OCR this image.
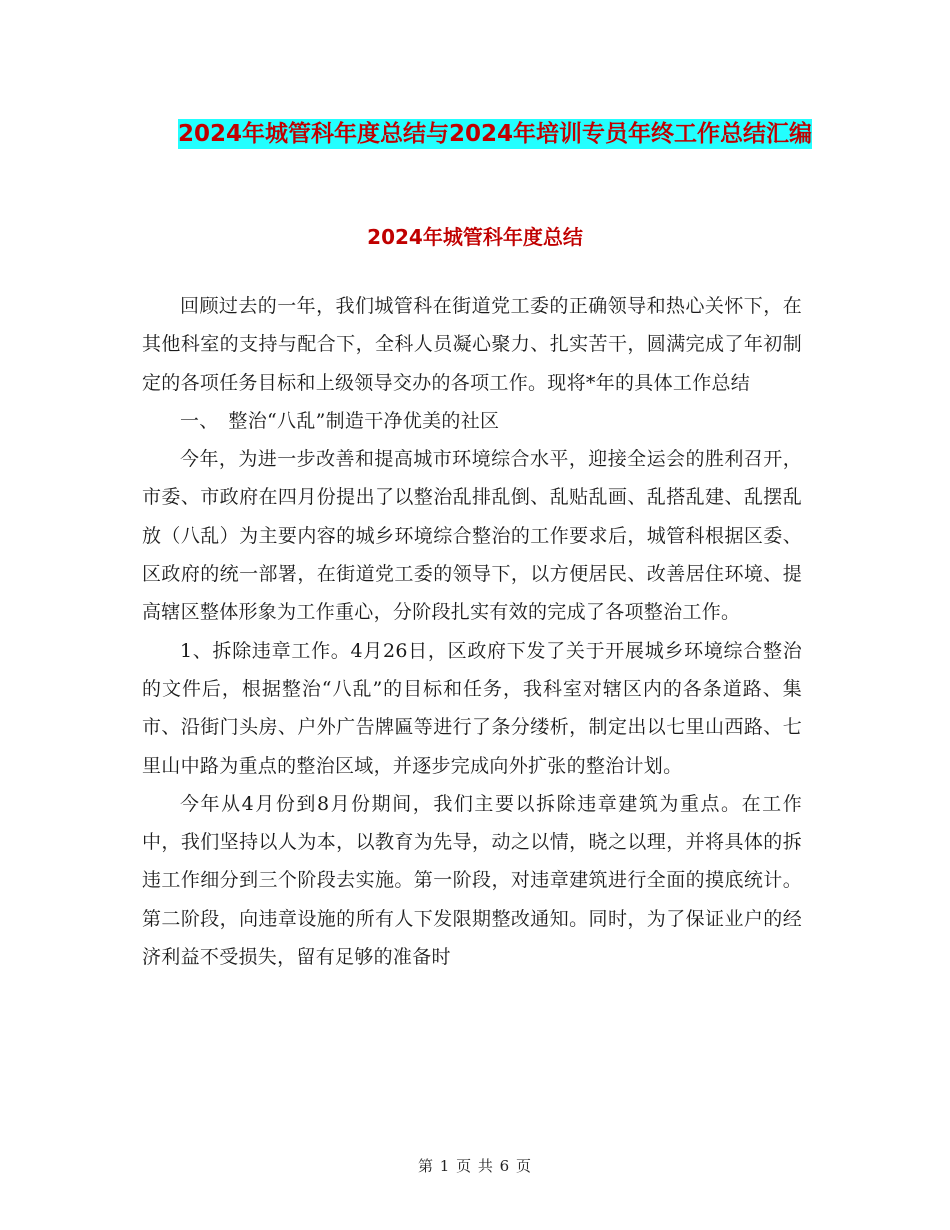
2024年城管科年度总结与2024年培训专员年终工作总结汇编
2024年城管科年度总结

回顾过去的一年，我们城管科在街道党工委的正确领导和热心关怀下，在其他科室的支持与配合下，全科人员凝心聚力、扎实苦干，圆满完成了年初制定的各项任务目标和上级领导交办的各项工作。现将*年的具体工作总结

一、　整治“八乱”制造干净优美的社区

今年，为进一步改善和提高城市环境综合水平，迎接全运会的胜利召开，市委、市政府在四月份提出了以整治乱排乱倒、乱贴乱画、乱搭乱建、乱摆乱放（八乱）为主要内容的城乡环境综合整治的工作要求后，城管科根据区委、区政府的统一部署，在街道党工委的领导下，以方便居民、改善居住环境、提高辖区整体形象为工作重心，分阶段扎实有效的完成了各项整治工作。

1、拆除违章工作。4月26日，区政府下发了关于开展城乡环境综合整治的文件后，根据整治“八乱”的目标和任务，我科室对辖区内的各条道路、集市、沿街门头房、户外广告牌匾等进行了条分缕析，制定出以七里山西路、七里山中路为重点的整治区域，并逐步完成向外扩张的整治计划。

今年从4月份到8月份期间，我们主要以拆除违章建筑为重点。在工作中，我们坚持以人为本，以教育为先导，动之以情，晓之以理，并将具体的拆违工作细分到三个阶段去实施。第一阶段，对违章建筑进行全面的摸底统计。第二阶段，向违章设施的所有人下发限期整改通知。同时，为了保证业户的经济利益不受损失，留有足够的准备时

第 1 页 共 6 页
